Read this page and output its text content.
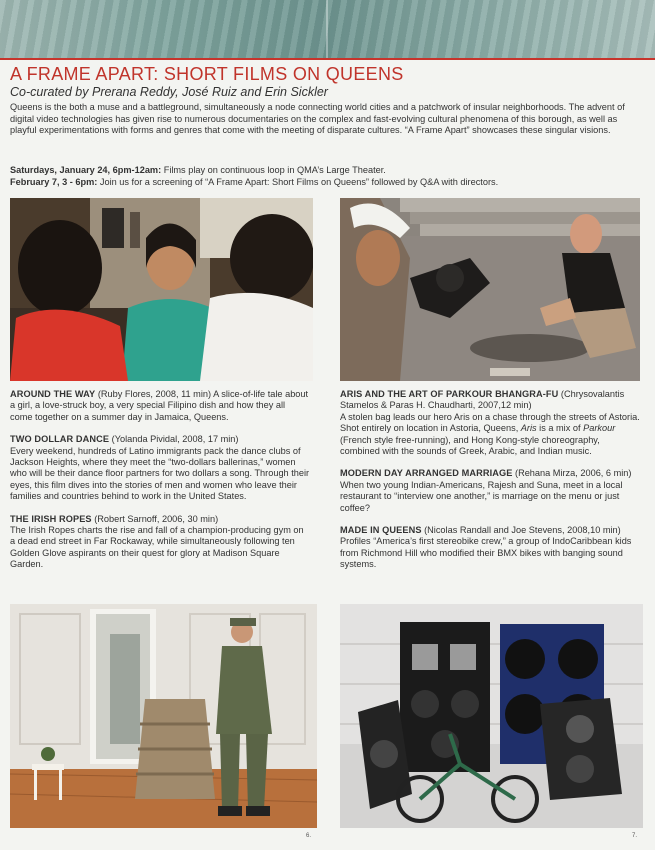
A FRAME APART: SHORT FILMS ON QUEENS
Co-curated by Prerana Reddy, José Ruiz and Erin Sickler

Queens is the both a muse and a battleground, simultaneously a node connecting world cities and a patchwork of insular neighborhoods. The advent of digital video technologies has given rise to numerous documentaries on the complex and fast-evolving cultural phenomena of this borough, as well as playful experimentations with forms and genres that come with the meeting of disparate cultures. “A Frame Apart” showcases these singular visions.

Saturdays, January 24, 6pm-12am: Films play on continuous loop in QMA’s Large Theater.
February 7, 3 - 6pm: Join us for a screening of “A Frame Apart: Short Films on Queens” followed by Q&A with directors.

AROUND THE WAY (Ruby Flores, 2008, 11 min) A slice-of-life tale about a girl, a love-struck boy, a very special Filipino dish and how they all come together on a summer day in Jamaica, Queens.

TWO DOLLAR DANCE (Yolanda Pividal, 2008, 17 min)
Every weekend, hundreds of Latino immigrants pack the dance clubs of Jackson Heights, where they meet the “two-dollars ballerinas,” women who will be their dance floor partners for two dollars a song. Through their eyes, this film dives into the stories of men and women who leave their families and countries behind to work in the United States.

THE IRISH ROPES (Robert Sarnoff, 2006, 30 min)
The Irish Ropes charts the rise and fall of a champion-producing gym on a dead end street in Far Rockaway, while simultaneously following ten Golden Glove aspirants on their quest for glory at Madison Square Garden.

ARIS AND THE ART OF PARKOUR BHANGRA-FU (Chrysovalantis Stamelos & Paras H. Chaudharti, 2007,12 min)
A stolen bag leads our hero Aris on a chase through the streets of Astoria. Shot entirely on location in Astoria, Queens, Aris is a mix of Parkour (French style free-running), and Hong Kong-style choreography, combined with the sounds of Greek, Arabic, and Indian music.

MODERN DAY ARRANGED MARRIAGE (Rehana Mirza, 2006, 6 min)
When two young Indian-Americans, Rajesh and Suna, meet in a local restaurant to “interview one another,” is marriage on the menu or just coffee?

MADE IN QUEENS (Nicolas Randall and Joe Stevens, 2008,10 min)
Profiles “America’s first stereobike crew,” a group of IndoCaribbean kids from Richmond Hill who modified their BMX bikes with banging sound systems.

6.	7.
